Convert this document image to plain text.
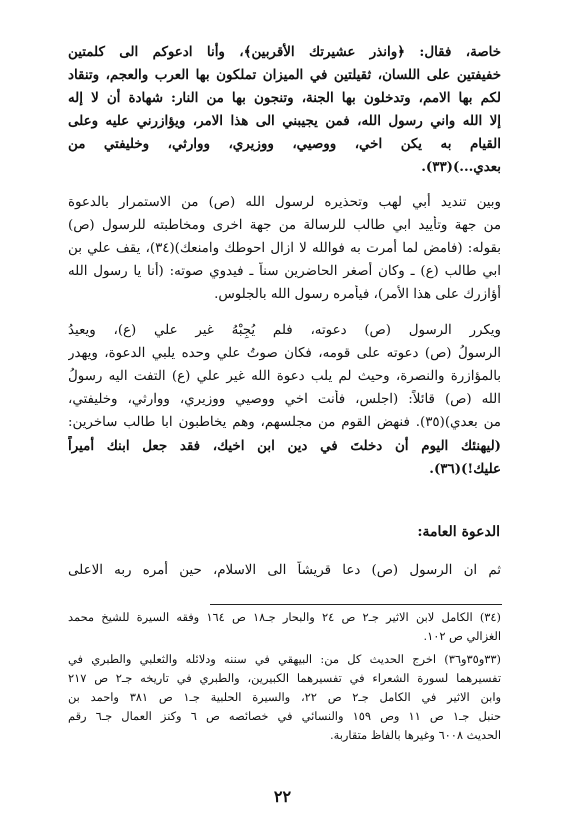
خاصة، فقال: ﴿وانذر عشيرتك الأقربين﴾، وأنا ادعوكم الى كلمتين
خفيفتين على اللسان، ثقيلتين في الميزان تملكون بها العرب والعجم، وتنقاد
لكم بها الامم، وتدخلون بها الجنة، وتنجون بها من النار: شهادة أن لا إله
إلا الله واني رسول الله، فمن يجيبني الى هذا الامر، ويؤازرني عليه وعلى
القيام به يكن اخي، ووصيي، ووزيري، ووارثي، وخليفتي من
بعدي...)(٣٣).
وبين تنديد أبي لهب وتحذيره لرسول الله (ص) من الاستمرار بالدعوة
من جهة وتأييد ابي طالب للرسالة من جهة اخرى ومخاطبته للرسول (ص)
بقوله: (فامض لما أمرت به فوالله لا ازال احوطك وامنعك)(٣٤)، يقف علي بن
ابي طالب (ع) ـ وكان أصغر الحاضرين سناً ـ فيدوي صوته: (أنا يا رسول الله
أؤازرك على هذا الأمر)، فيأمره رسول الله بالجلوس.
ويكرر الرسول (ص) دعوته، فلم يُجِبْهُ غير علي (ع)، ويعيدُ
الرسولُ (ص) دعوته على قومه، فكان صوتُ علي وحده يلبي الدعوة، ويهدر
بالمؤازرة والنصرة، وحيث لم يلب دعوة الله غير علي (ع) التفت اليه رسولُ
الله (ص) قائلاً: (اجلس، فأنت اخي ووصيي ووزيري، ووارثي، وخليفتي،
من بعدي)(٣٥). فنهض القوم من مجلسهم، وهم يخاطبون ابا طالب ساخرين:
(ليهنئك اليوم أن دخلتَ في دين ابن اخيك، فقد جعل ابنك أميراً
عليك!)(٣٦).
الدعوة العامة:
ثم ان الرسول (ص) دعا قريشاً الى الاسلام، حين أمره ربه الاعلى
(٣٤) الكامل لابن الاثير جـ٢ ص ٢٤ والبحار جـ١٨ ص ١٦٤ وفقه السيرة للشيخ محمد
الغزالي ص ١٠٢.
(٣٣و٣٥و٣٦) اخرج الحديث كل من: البيهقي في سننه ودلائله والثعلبي والطبري في
تفسيرهما لسورة الشعراء في تفسيرهما الكبيرين، والطبري في تاريخه جـ٢ ص ٢١٧
وابن الاثير في الكامل جـ٢ ص ٢٢، والسيرة الحلبية جـ١ ص ٣٨١ واحمد بن
حنبل جـ١ ص ١١ وص ١٥٩ والنسائي في خصائصه ص ٦ وكنز العمال جـ٦ رقم
الحديث ٦٠٠٨ وغيرها بالفاظ متقاربة.
٢٢
